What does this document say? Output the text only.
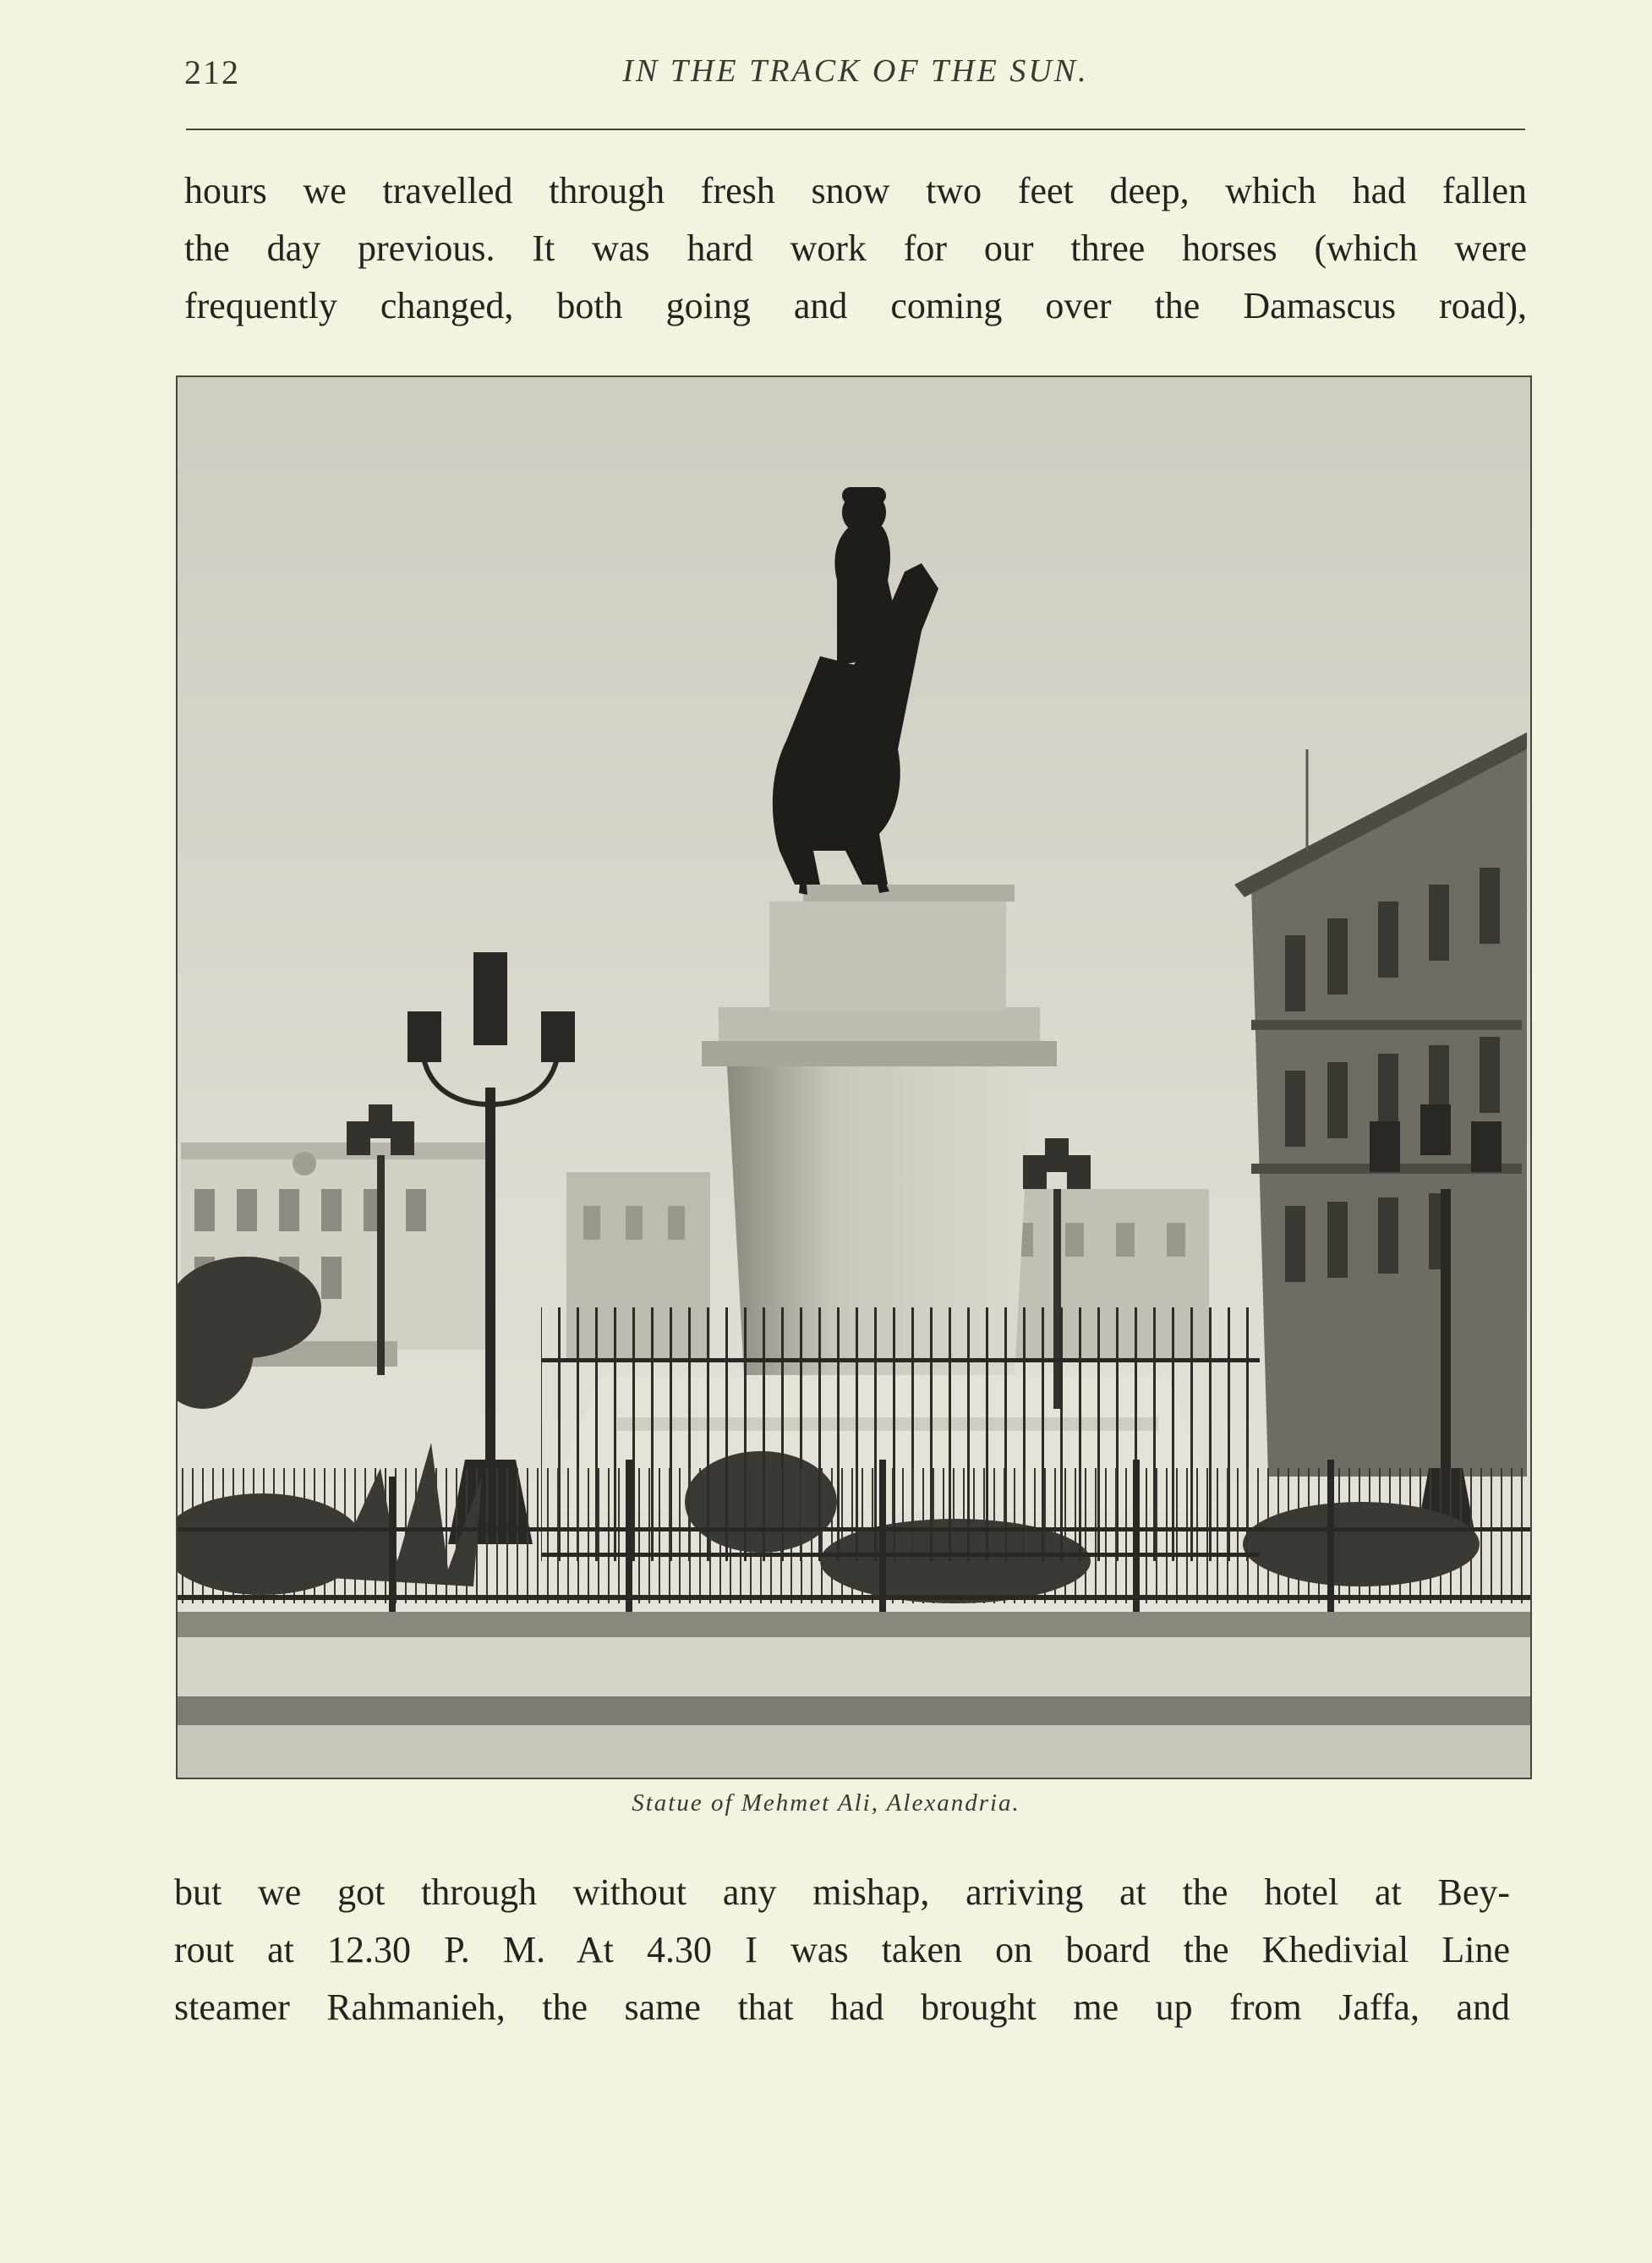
212	IN THE TRACK OF THE SUN.
hours we travelled through fresh snow two feet deep, which had fallen
the day previous. It was hard work for our three horses (which were
frequently changed, both going and coming over the Damascus road),
Statue of Mehmet Ali, Alexandria.
but we got through without any mishap, arriving at the hotel at Bey-
rout at 12.30 P. M. At 4.30 I was taken on board the Khedivial Line
steamer Rahmanieh, the same that had brought me up from Jaffa, and
